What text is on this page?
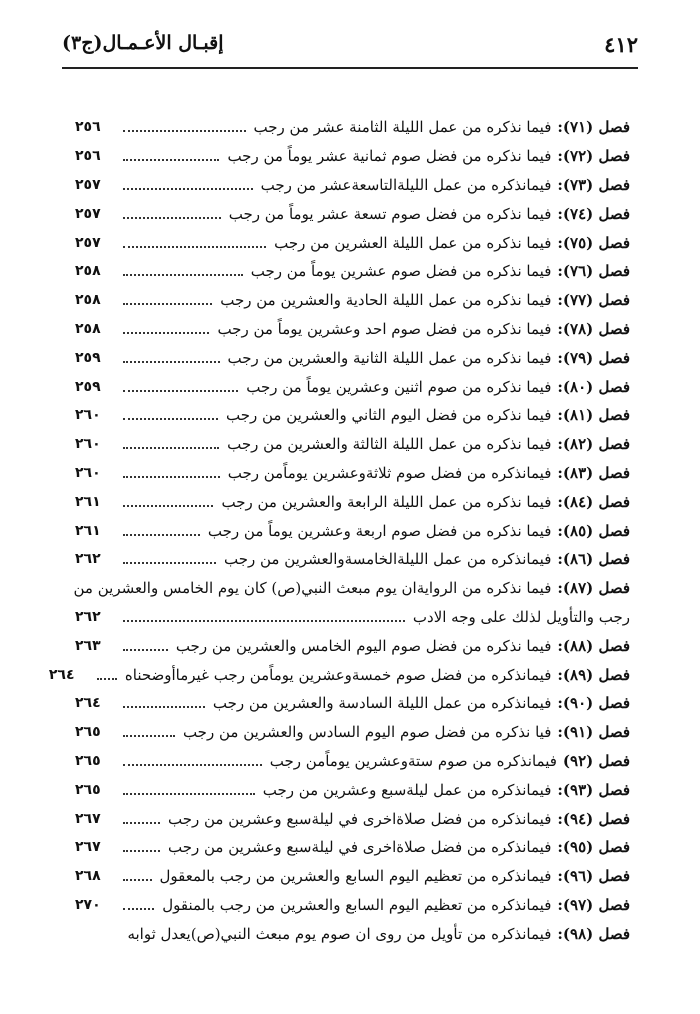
٤١٢
إقبـال الأعـمـال(ج٣)
فصل (٧١):
فيما نذكره من عمل الليلة الثامنة عشر من رجب
٢٥٦
فصل (٧٢):
فيما نذكره من فضل صوم ثمانية عشر يوماً من رجب
٢٥٦
فصل (٧٣):
فيمانذكره من عمل الليلةالتاسعةعشر من رجب
٢٥٧
فصل (٧٤):
فيما نذكره من فضل صوم تسعة عشر يوماً من رجب
٢٥٧
فصل (٧٥):
فيما نذكره من عمل الليلة العشرين من رجب
٢٥٧
فصل (٧٦):
فيما نذكره من فضل صوم عشرين يوماً من رجب
٢٥٨
فصل (٧٧):
فيما نذكره من عمل الليلة الحادية والعشرين من رجب
٢٥٨
فصل (٧٨):
فيما نذكره من فضل صوم احد وعشرين يوماً من رجب
٢٥٨
فصل (٧٩):
فيما نذكره من عمل الليلة الثانية والعشرين من رجب
٢٥٩
فصل (٨٠):
فيما نذكره من صوم اثنين وعشرين يوماً من رجب
٢٥٩
فصل (٨١):
فيما نذكره من فضل اليوم الثاني والعشرين من رجب
٢٦٠
فصل (٨٢):
فيما نذكره من عمل الليلة الثالثة والعشرين من رجب
٢٦٠
فصل (٨٣):
فيمانذكره من فضل صوم ثلاثةوعشرين يوماًمن رجب
٢٦٠
فصل (٨٤):
فيما نذكره من عمل الليلة الرابعة والعشرين من رجب
٢٦١
فصل (٨٥):
فيما نذكره من فضل صوم اربعة وعشرين يوماً من رجب
٢٦١
فصل (٨٦):
فيمانذكره من عمل الليلةالخامسةوالعشرين من رجب
٢٦٢
فصل (٨٧):
فيما نذكره من الروايةان يوم مبعث النبي(ص) كان يوم الخامس والعشرين من
رجب والتأويل لذلك على وجه الادب
٢٦٢
فصل (٨٨):
فيما نذكره من فضل صوم اليوم الخامس والعشرين من رجب
٢٦٣
فصل (٨٩):
فيمانذكره من فضل صوم خمسةوعشرين يوماًمن رجب غيرماأوضحناه
٢٦٤
فصل (٩٠):
فيمانذكره من عمل الليلة السادسة والعشرين من رجب
٢٦٤
فصل (٩١):
فيا نذكره من فضل صوم اليوم السادس والعشرين من رجب
٢٦٥
فصل (٩٢)
فيمانذكره من صوم ستةوعشرين يوماًمن رجب
٢٦٥
فصل (٩٣):
فيمانذكره من عمل ليلةسبع وعشرين من رجب
٢٦٥
فصل (٩٤):
فيمانذكره من فضل صلاةاخرى في ليلةسبع وعشرين من رجب
٢٦٧
فصل (٩٥):
فيمانذكره من فضل صلاةاخرى في ليلةسبع وعشرين من رجب
٢٦٧
فصل (٩٦):
فيمانذكره من تعظيم اليوم السابع والعشرين من رجب بالمعقول
٢٦٨
فصل (٩٧):
فيمانذكره من تعظيم اليوم السابع والعشرين من رجب بالمنقول
٢٧٠
فصل (٩٨):
فيمانذكره من تأويل من روى ان صوم يوم مبعث النبي(ص)يعدل ثوابه
